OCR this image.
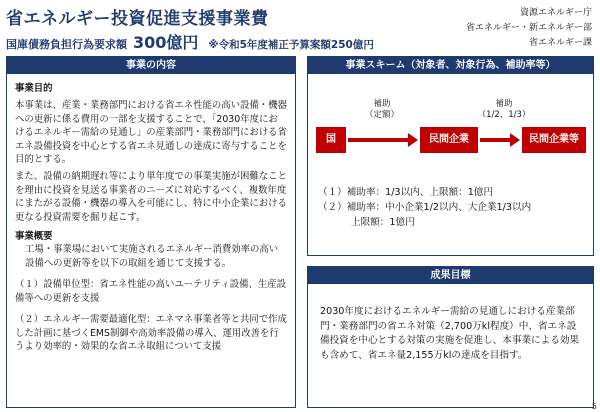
省エネルギー投資促進支援事業費
国庫債務負担行為要求額 300億円 ※令和5年度補正予算案額250億円
資源エネルギー庁
省エネルギー・新エネルギー部
省エネルギー課
事業の内容
事業目的

本事業は、産業・業務部門における省エネ性能の高い設備・機器への更新に係る費用の一部を支援することで、「2030年度におけるエネルギー需給の見通し」の産業部門・業務部門における省エネ設備投資を中心とする省エネ見通しの達成に寄与することを目的とする。

また、設備の納期遅れ等により単年度での事業実施が困難なことを理由に投資を見送る事業者のニーズに対応するべく、複数年度にまたがる設備・機器の導入を可能にし、特に中小企業における更なる投資需要を掘り起こす。

事業概要
工場・事業場において実施されるエネルギー消費効率の高い設備への更新等を以下の取組を通じて支援する。
（１）設備単位型：省エネ性能の高いユーテリティ設備、生産設備等への更新を支援
（２）エネルギー需要最適化型：エネマネ事業者等と共同で作成した計画に基づくEMS制御や高効率設備の導入、運用改善を行うより効率的・効果的な省エネ取組について支援
事業スキーム（対象者、対象行為、補助率等）
国
補助
（定額）
民間企業
補助
（1/2、1/3）
民間企業等
（１）補助率：1/3以内、上限額：1億円
（２）補助率：中小企業1/2以内、大企業1/3以内
上限額：1億円
成果目標
2030年度におけるエネルギー需給の見通しにおける産業部門・業務部門の省エネ対策（2,700万kl程度）中、省エネ設備投資を中心とする対策の実施を促進し、本事業による効果も含めて、省エネ量2,155万klの達成を目指す。
5
